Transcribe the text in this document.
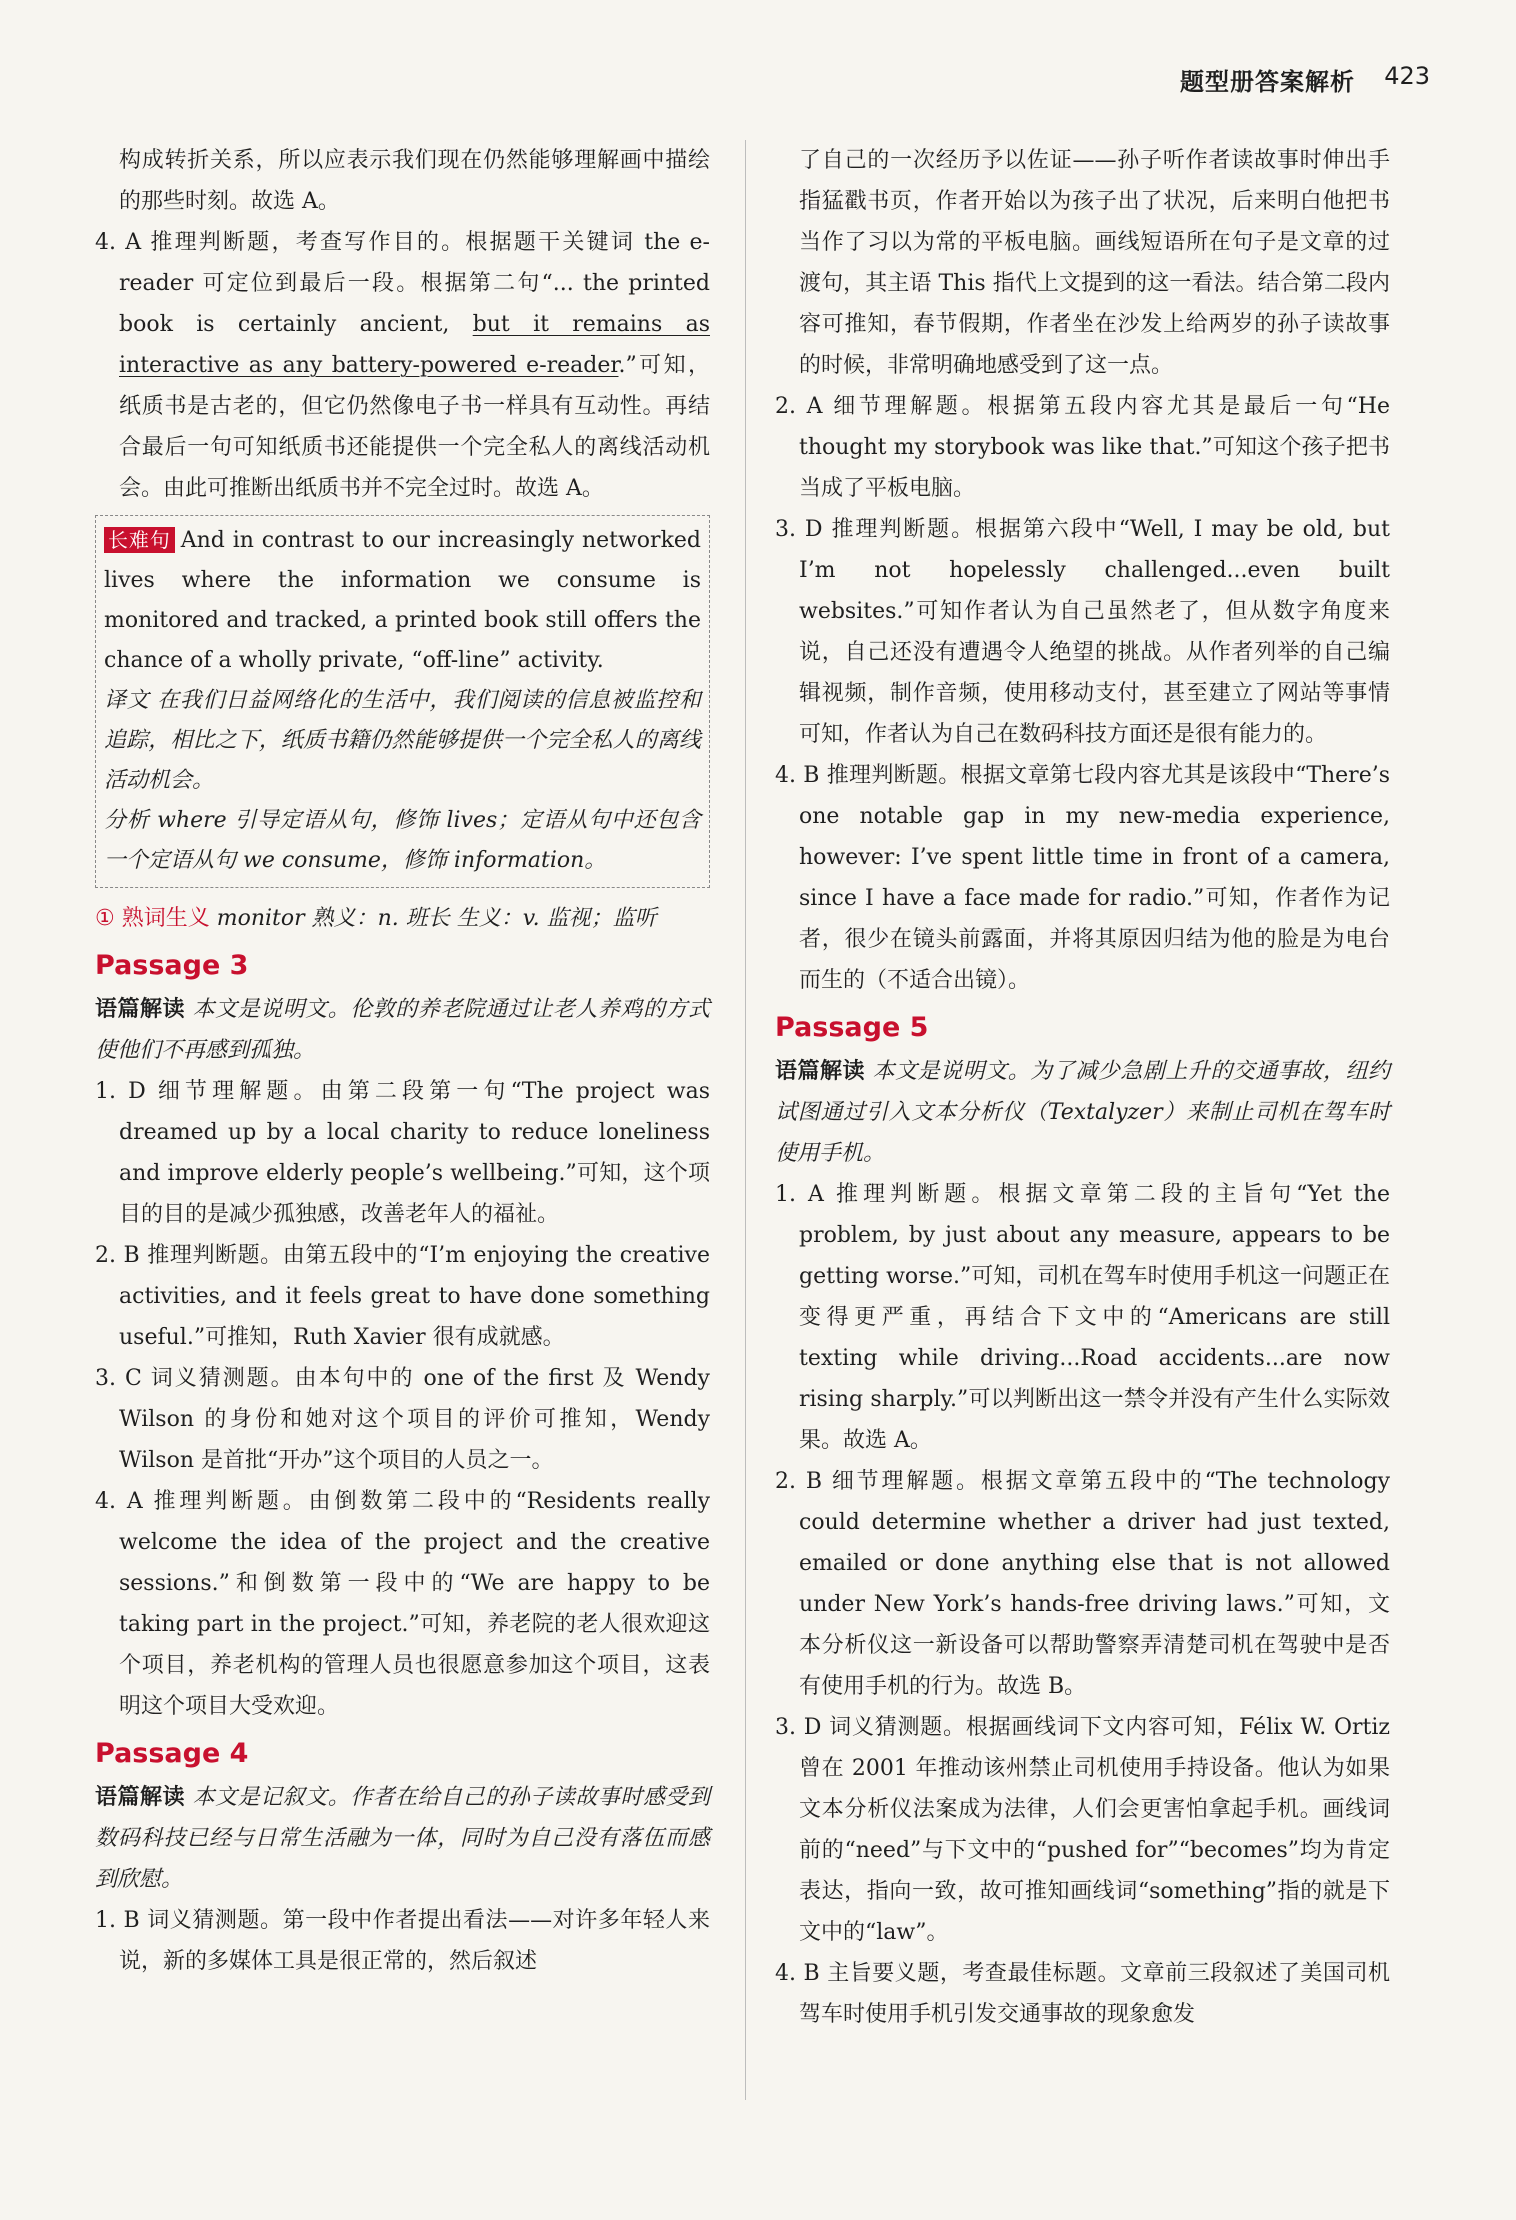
题型册答案解析 423

构成转折关系，所以应表示我们现在仍然能够理解画中描绘的那些时刻。故选 A。

4. A 推理判断题，考查写作目的。根据题干关键词 the e-reader 可定位到最后一段。根据第二句“... the printed book is certainly ancient, but it remains as interactive as any battery-powered e-reader.”可知，纸质书是古老的，但它仍然像电子书一样具有互动性。再结合最后一句可知纸质书还能提供一个完全私人的离线活动机会。由此可推断出纸质书并不完全过时。故选 A。

长难句 And in contrast to our increasingly networked lives where the information we consume is monitored and tracked, a printed book still offers the chance of a wholly private, “off-line” activity.

译文 在我们日益网络化的生活中，我们阅读的信息被监控和追踪，相比之下，纸质书籍仍然能够提供一个完全私人的离线活动机会。

分析 where 引导定语从句，修饰 lives；定语从句中还包含一个定语从句 we consume，修饰 information。

① 熟词生义 monitor 熟义：n. 班长 生义：v. 监视；监听

Passage 3

语篇解读 本文是说明文。伦敦的养老院通过让老人养鸡的方式使他们不再感到孤独。

1. D 细节理解题。由第二段第一句“The project was dreamed up by a local charity to reduce loneliness and improve elderly people’s wellbeing.”可知，这个项目的目的是减少孤独感，改善老年人的福祉。

2. B 推理判断题。由第五段中的“I’m enjoying the creative activities, and it feels great to have done something useful.”可推知，Ruth Xavier 很有成就感。

3. C 词义猜测题。由本句中的 one of the first 及 Wendy Wilson 的身份和她对这个项目的评价可推知，Wendy Wilson 是首批“开办”这个项目的人员之一。

4. A 推理判断题。由倒数第二段中的“Residents really welcome the idea of the project and the creative sessions.”和倒数第一段中的“We are happy to be taking part in the project.”可知，养老院的老人很欢迎这个项目，养老机构的管理人员也很愿意参加这个项目，这表明这个项目大受欢迎。

Passage 4

语篇解读 本文是记叙文。作者在给自己的孙子读故事时感受到数码科技已经与日常生活融为一体，同时为自己没有落伍而感到欣慰。

1. B 词义猜测题。第一段中作者提出看法——对许多年轻人来说，新的多媒体工具是很正常的，然后叙述

了自己的一次经历予以佐证——孙子听作者读故事时伸出手指猛戳书页，作者开始以为孩子出了状况，后来明白他把书当作了习以为常的平板电脑。画线短语所在句子是文章的过渡句，其主语 This 指代上文提到的这一看法。结合第二段内容可推知，春节假期，作者坐在沙发上给两岁的孙子读故事的时候，非常明确地感受到了这一点。

2. A 细节理解题。根据第五段内容尤其是最后一句“He thought my storybook was like that.”可知这个孩子把书当成了平板电脑。

3. D 推理判断题。根据第六段中“Well, I may be old, but I’m not hopelessly challenged...even built websites.”可知作者认为自己虽然老了，但从数字角度来说，自己还没有遭遇令人绝望的挑战。从作者列举的自己编辑视频，制作音频，使用移动支付，甚至建立了网站等事情可知，作者认为自己在数码科技方面还是很有能力的。

4. B 推理判断题。根据文章第七段内容尤其是该段中“There’s one notable gap in my new-media experience, however: I’ve spent little time in front of a camera, since I have a face made for radio.”可知，作者作为记者，很少在镜头前露面，并将其原因归结为他的脸是为电台而生的（不适合出镜）。

Passage 5

语篇解读 本文是说明文。为了减少急剧上升的交通事故，纽约试图通过引入文本分析仪（Textalyzer）来制止司机在驾车时使用手机。

1. A 推理判断题。根据文章第二段的主旨句“Yet the problem, by just about any measure, appears to be getting worse.”可知，司机在驾车时使用手机这一问题正在变得更严重，再结合下文中的“Americans are still texting while driving...Road accidents...are now rising sharply.”可以判断出这一禁令并没有产生什么实际效果。故选 A。

2. B 细节理解题。根据文章第五段中的“The technology could determine whether a driver had just texted, emailed or done anything else that is not allowed under New York’s hands-free driving laws.”可知，文本分析仪这一新设备可以帮助警察弄清楚司机在驾驶中是否有使用手机的行为。故选 B。

3. D 词义猜测题。根据画线词下文内容可知，Félix W. Ortiz 曾在 2001 年推动该州禁止司机使用手持设备。他认为如果文本分析仪法案成为法律，人们会更害怕拿起手机。画线词前的“need”与下文中的“pushed for”“becomes”均为肯定表达，指向一致，故可推知画线词“something”指的就是下文中的“law”。

4. B 主旨要义题，考查最佳标题。文章前三段叙述了美国司机驾车时使用手机引发交通事故的现象愈发
